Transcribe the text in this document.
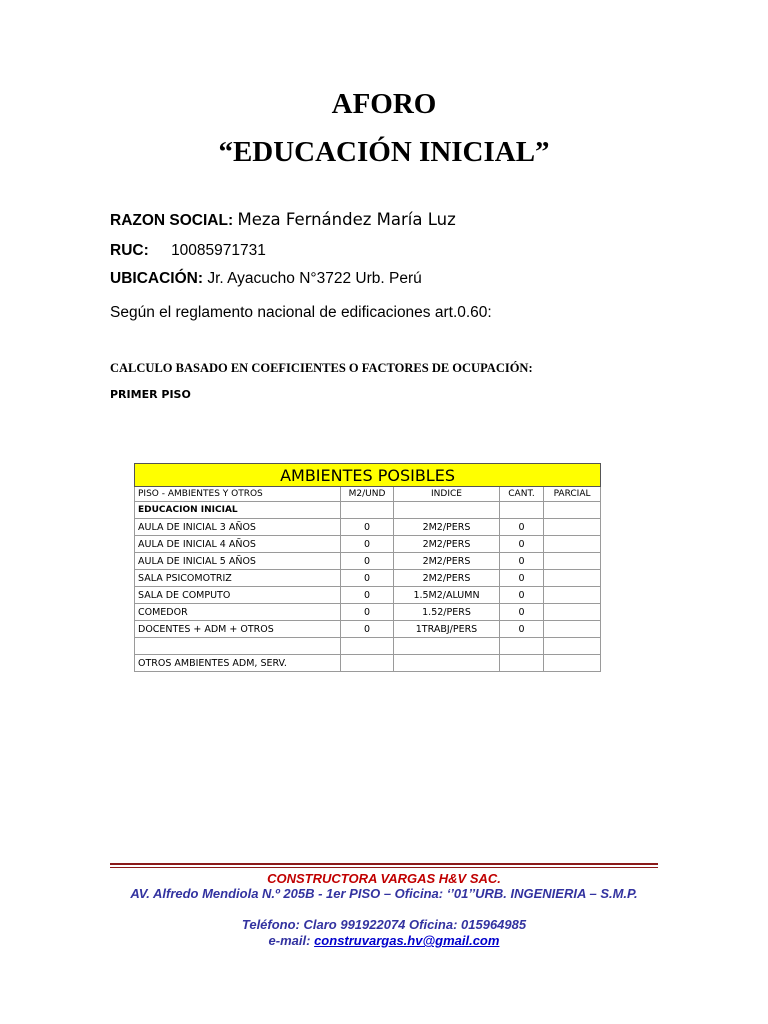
AFORO
“EDUCACIÓN INICIAL”
RAZON SOCIAL: Meza Fernández María Luz
RUC: 10085971731
UBICACIÓN: Jr. Ayacucho N°3722 Urb. Perú
Según el reglamento nacional de edificaciones art.0.60:
CALCULO BASADO EN COEFICIENTES O FACTORES DE OCUPACIÓN:
PRIMER PISO
AMBIENTES POSIBLES				
PISO - AMBIENTES Y OTROS	M2/UND	INDICE	CANT.	PARCIAL
EDUCACION INICIAL				
AULA DE INICIAL 3 AÑOS	0	2M2/PERS	0	
AULA DE INICIAL 4 AÑOS	0	2M2/PERS	0	
AULA DE INICIAL 5 AÑOS	0	2M2/PERS	0	
SALA PSICOMOTRIZ	0	2M2/PERS	0	
SALA DE COMPUTO	0	1.5M2/ALUMN	0	
COMEDOR	0	1.52/PERS	0	
DOCENTES + ADM + OTROS	0	1TRABJ/PERS	0	

OTROS AMBIENTES ADM, SERV.				
CONSTRUCTORA VARGAS H&V SAC.
AV. Alfredo Mendiola N.º 205B - 1er PISO – Oficina: ‘’01’’URB. INGENIERIA – S.M.P.
Teléfono: Claro 991922074 Oficina: 015964985
e-mail: construvargas.hv@gmail.com
